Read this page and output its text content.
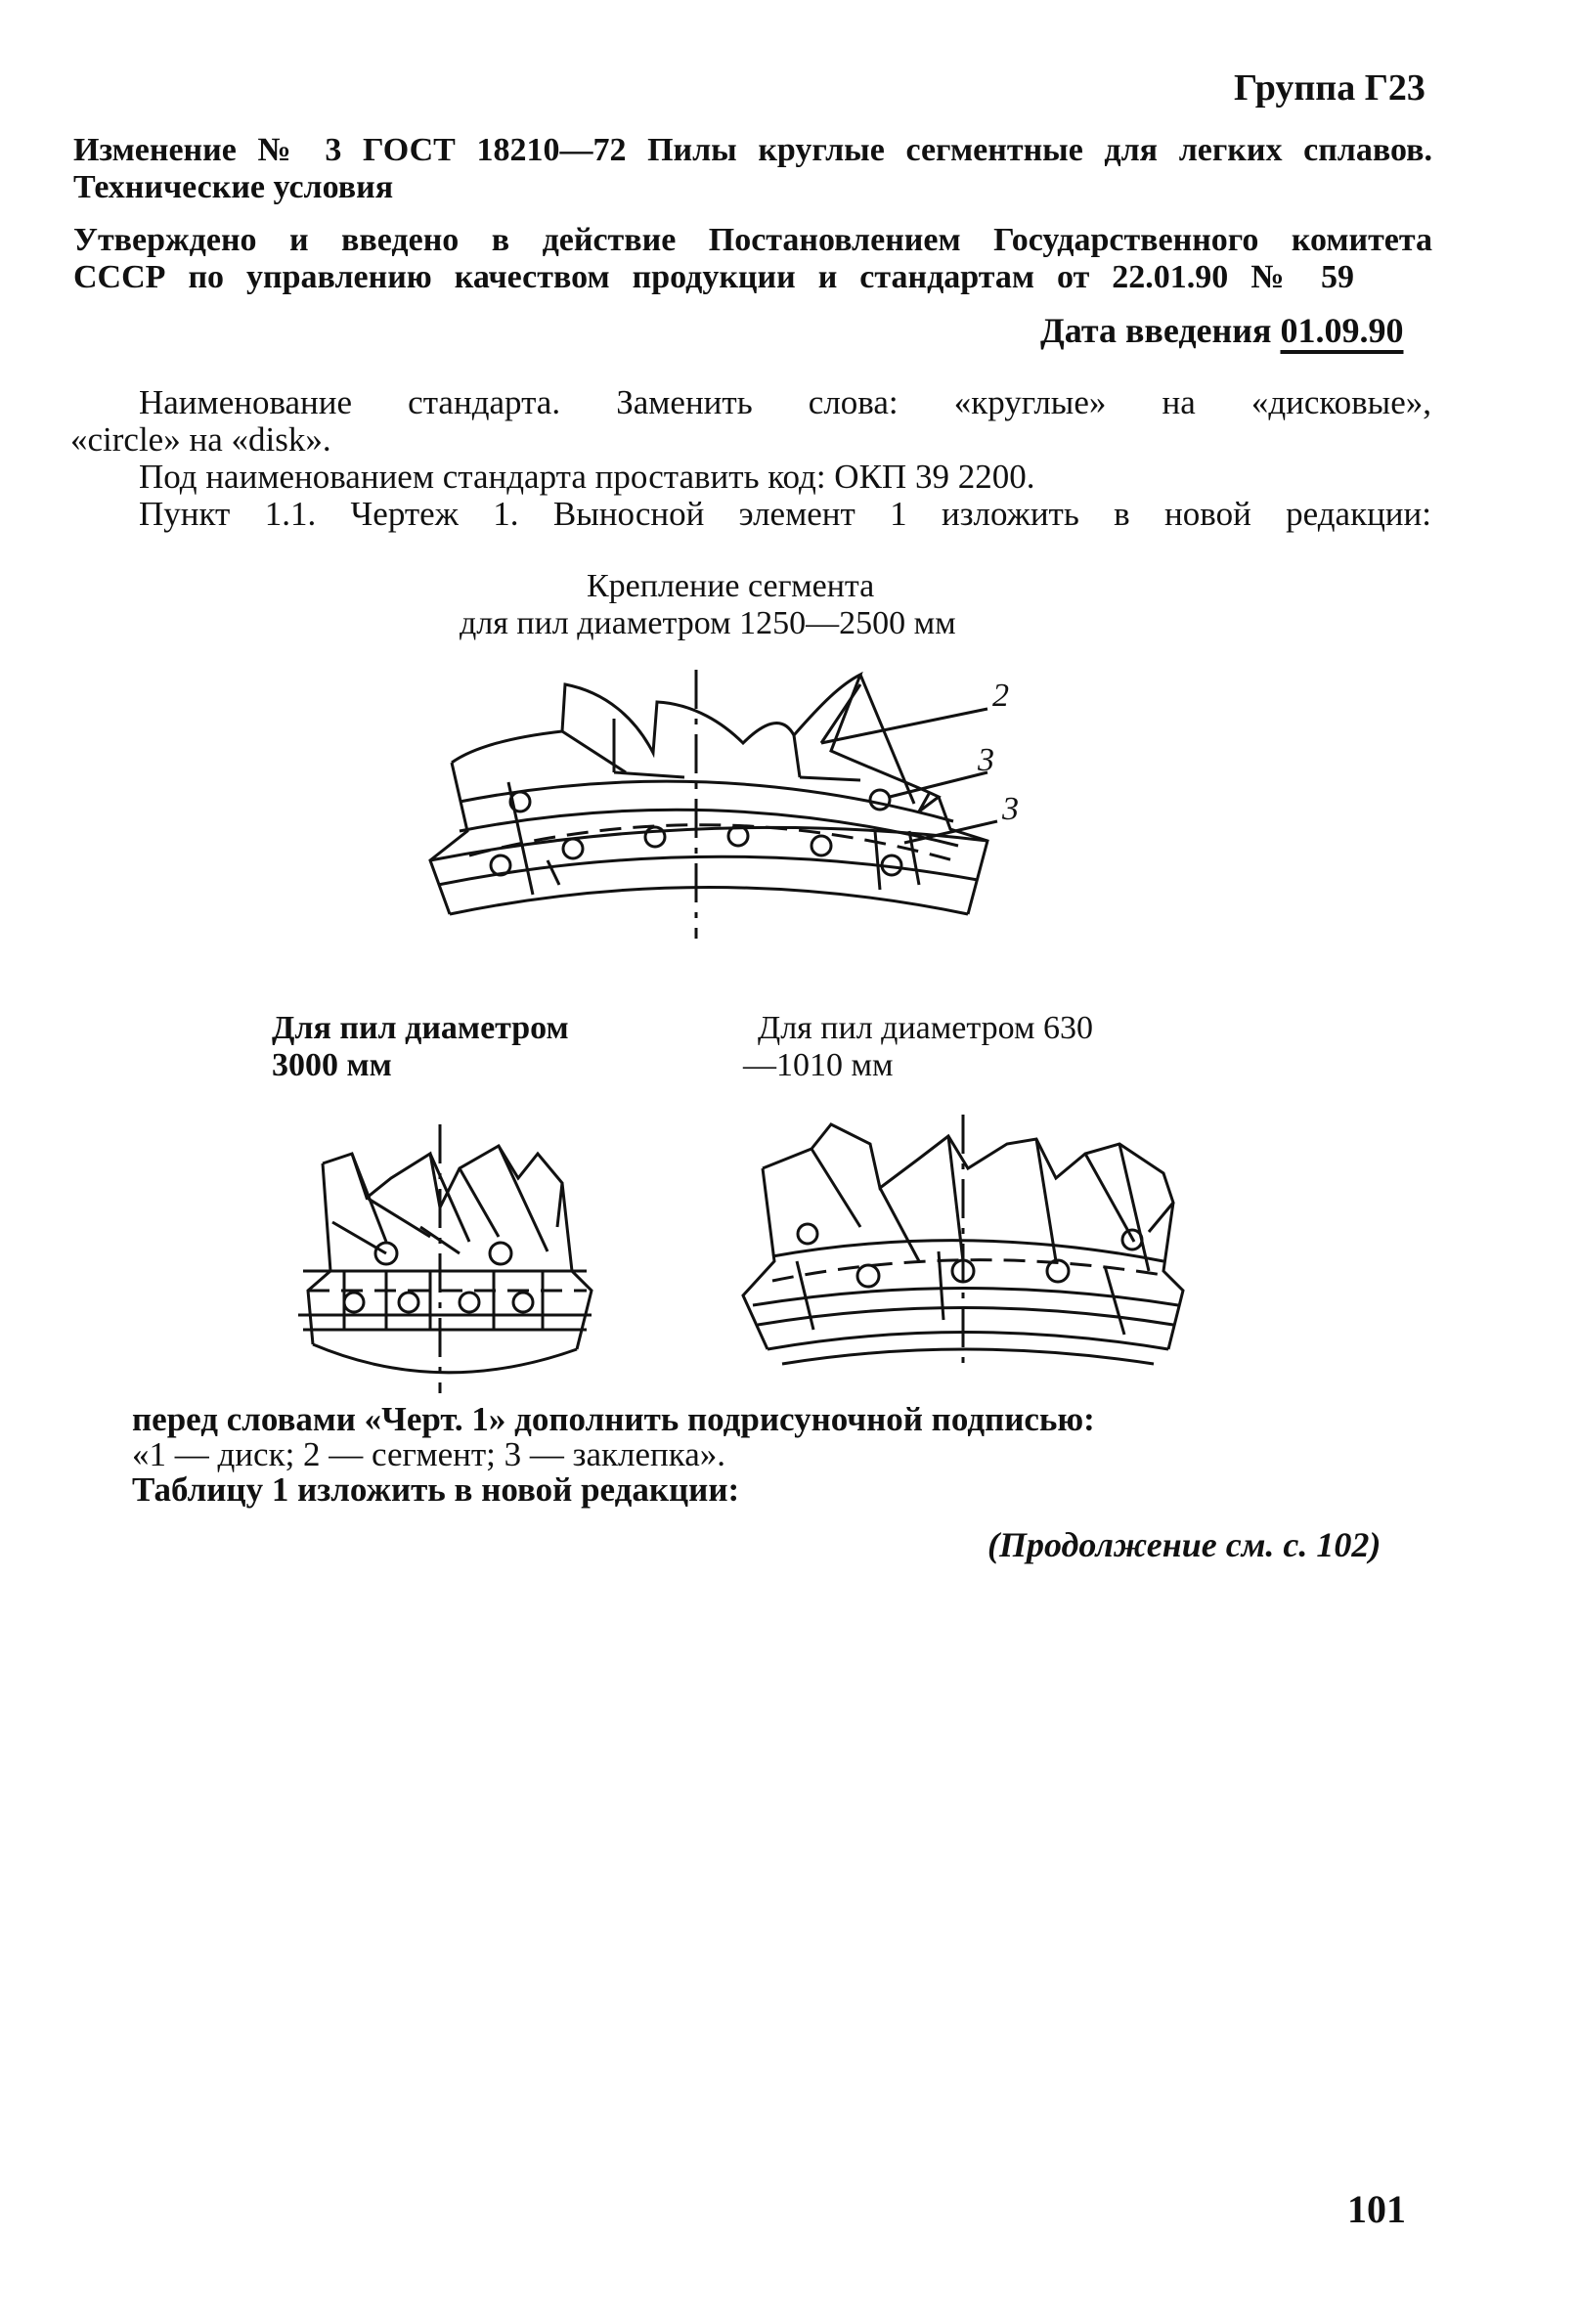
Группа Г23
Изменение № 3 ГОСТ 18210—72 Пилы круглые сегментные для легких сплавов.
Технические условия
Утверждено и введено в действие Постановлением Государственного комитета
СССР по управлению качеством продукции и стандартам от 22.01.90 № 59
Дата введения 01.09.90
Наименование стандарта. Заменить слова: «круглые» на «дисковые»,
«circle» на «disk».
Под наименованием стандарта проставить код: ОКП 39 2200.
Пункт 1.1. Чертеж 1. Выносной элемент 1 изложить в новой редакции:
Крепление сегмента
для пил диаметром 1250—2500 мм
2
3
3
Для пил диаметром
3000 мм
Для пил диаметром 630
—1010 мм
перед словами «Черт. 1» дополнить подрисуночной подписью:
«1 — диск; 2 — сегмент; 3 — заклепка».
Таблицу 1 изложить в новой редакции:
(Продолжение см. с. 102)
101
